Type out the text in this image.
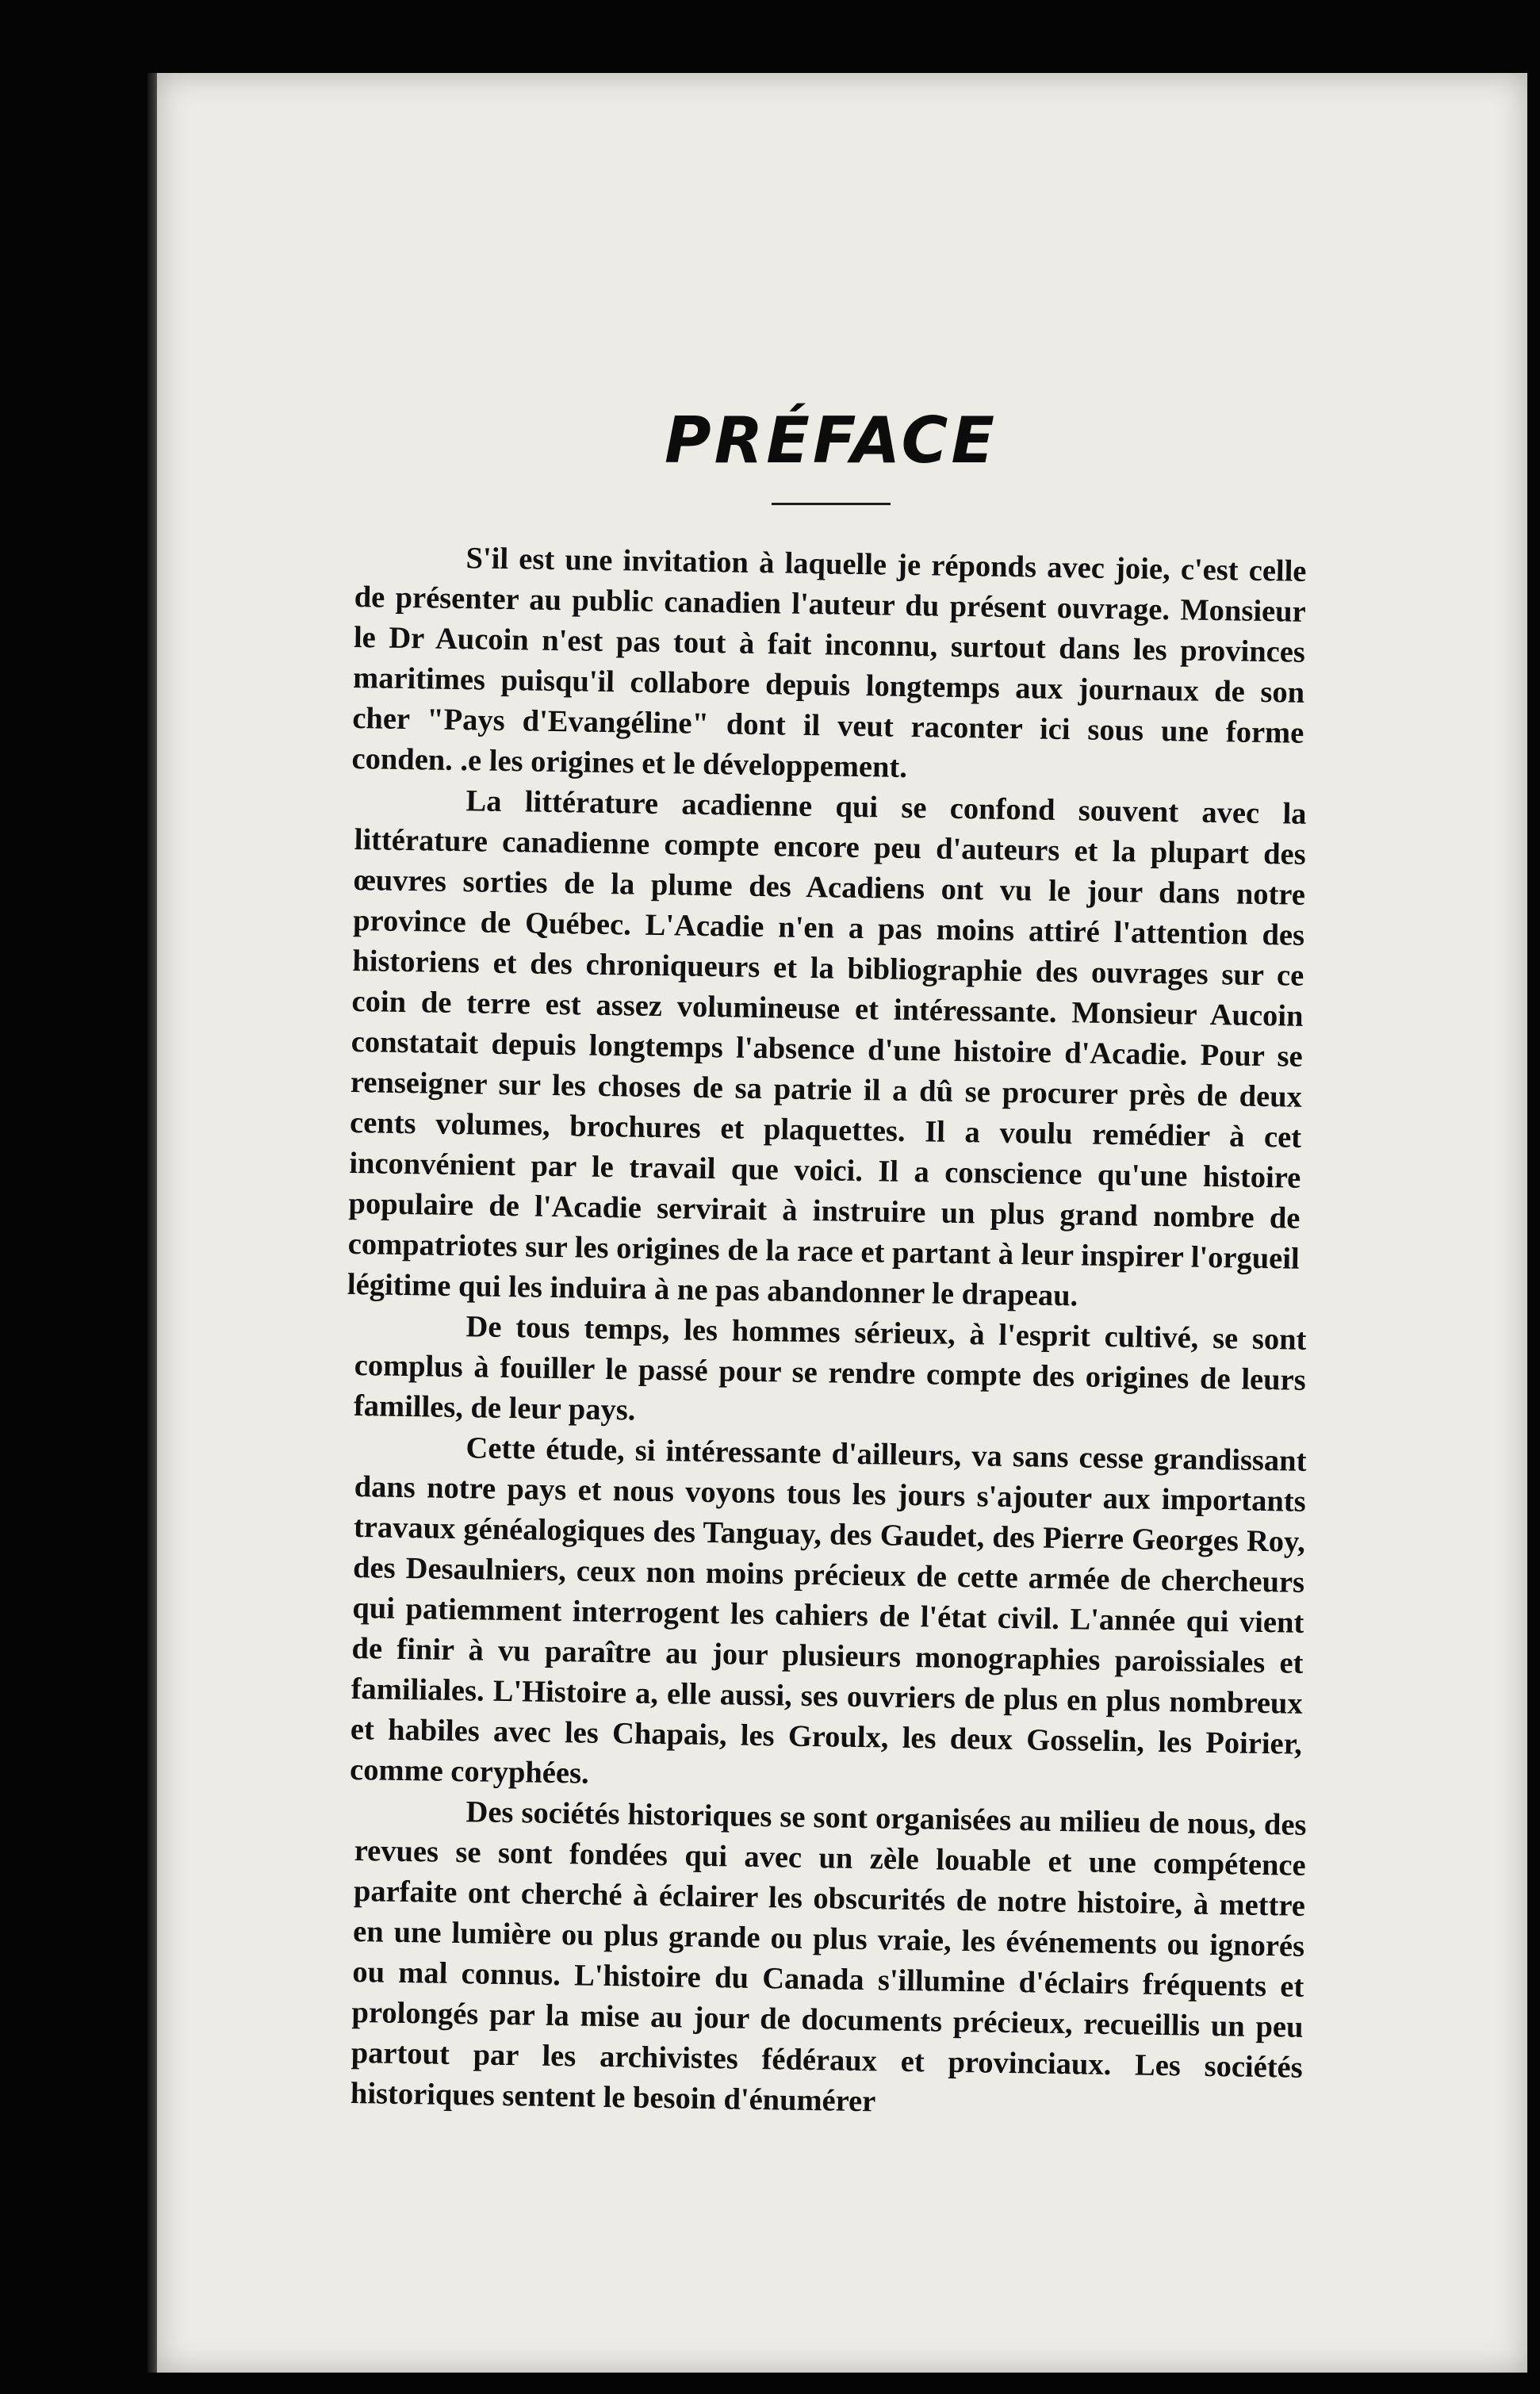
PRÉFACE

S'il est une invitation à laquelle je réponds avec joie, c'est celle de présenter au public canadien l'auteur du présent ouvrage. Monsieur le Dr Aucoin n'est pas tout à fait inconnu, surtout dans les provinces maritimes puisqu'il collabore depuis longtemps aux journaux de son cher "Pays d'Evangéline" dont il veut raconter ici sous une forme conden. .e les origines et le développement.

La littérature acadienne qui se confond souvent avec la littérature canadienne compte encore peu d'auteurs et la plupart des œuvres sorties de la plume des Acadiens ont vu le jour dans notre province de Québec. L'Acadie n'en a pas moins attiré l'attention des historiens et des chroniqueurs et la bibliographie des ouvrages sur ce coin de terre est assez volumineuse et intéressante. Monsieur Aucoin constatait depuis longtemps l'absence d'une histoire d'Acadie. Pour se renseigner sur les choses de sa patrie il a dû se procurer près de deux cents volumes, brochures et plaquettes. Il a voulu remédier à cet inconvénient par le travail que voici. Il a conscience qu'une histoire populaire de l'Acadie servirait à instruire un plus grand nombre de compatriotes sur les origines de la race et partant à leur inspirer l'orgueil légitime qui les induira à ne pas abandonner le drapeau.

De tous temps, les hommes sérieux, à l'esprit cultivé, se sont complus à fouiller le passé pour se rendre compte des origines de leurs familles, de leur pays.

Cette étude, si intéressante d'ailleurs, va sans cesse grandissant dans notre pays et nous voyons tous les jours s'ajouter aux importants travaux généalogiques des Tanguay, des Gaudet, des Pierre Georges Roy, des Desaulniers, ceux non moins précieux de cette armée de chercheurs qui patiemment interrogent les cahiers de l'état civil. L'année qui vient de finir à vu paraître au jour plusieurs monographies paroissiales et familiales. L'Histoire a, elle aussi, ses ouvriers de plus en plus nombreux et habiles avec les Chapais, les Groulx, les deux Gosselin, les Poirier, comme coryphées.

Des sociétés historiques se sont organisées au milieu de nous, des revues se sont fondées qui avec un zèle louable et une compétence parfaite ont cherché à éclairer les obscurités de notre histoire, à mettre en une lumière ou plus grande ou plus vraie, les événements ou ignorés ou mal connus. L'histoire du Canada s'illumine d'éclairs fréquents et prolongés par la mise au jour de documents précieux, recueillis un peu partout par les archivistes fédéraux et provinciaux. Les sociétés historiques sentent le besoin d'énumérer
